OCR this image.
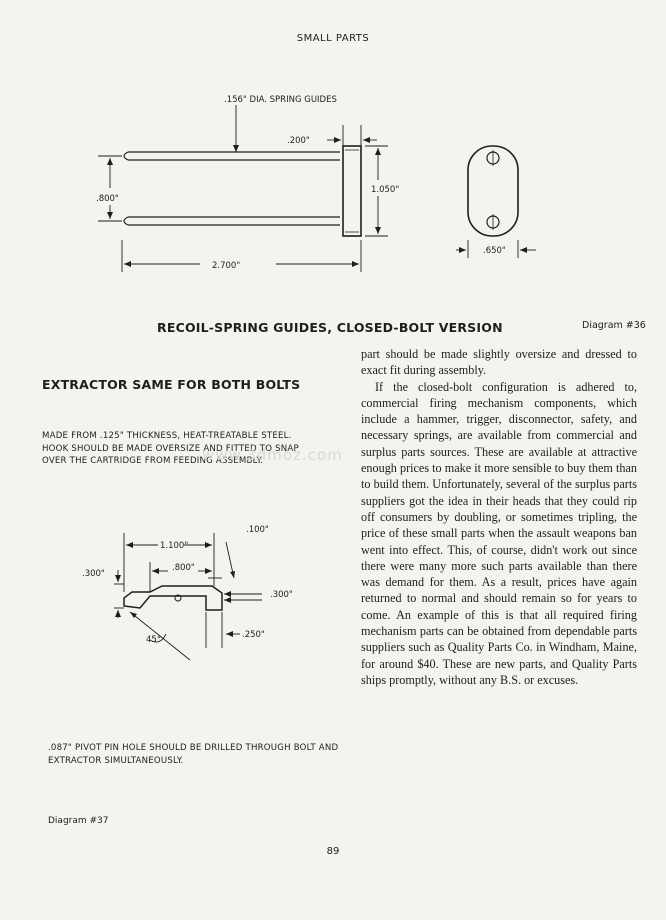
SMALL PARTS
.156" DIA. SPRING GUIDES
.200"
.800"
1.050"
2.700"
.650"
1.100"
.800"
.100"
.300"
.300"
.250"
45°
RECOIL-SPRING GUIDES, CLOSED-BOLT VERSION	Diagram #36
EXTRACTOR SAME FOR BOTH BOLTS
MADE FROM .125" THICKNESS, HEAT-TREATABLE STEEL. HOOK SHOULD BE MADE OVERSIZE AND FITTED TO SNAP OVER THE CARTRIDGE FROM FEEDING ASSEMBLY.
www.3dmoz.com

part should be made slightly oversize and dressed to exact fit during assembly.

If the closed-bolt configuration is adhered to, commercial firing mechanism components, which include a hammer, trigger, disconnector, safety, and necessary springs, are available from commercial and surplus parts sources. These are available at attractive enough prices to make it more sensible to buy them than to build them. Unfortunately, several of the surplus parts suppliers got the idea in their heads that they could rip off consumers by doubling, or sometimes tripling, the price of these small parts when the assault weapons ban went into effect. This, of course, didn't work out since there were many more such parts available than there was demand for them. As a result, prices have again returned to normal and should remain so for years to come. An example of this is that all required firing mechanism parts can be obtained from dependable parts suppliers such as Quality Parts Co. in Windham, Maine, for around $40. These are new parts, and Quality Parts ships promptly, without any B.S. or excuses.

.087" PIVOT PIN HOLE SHOULD BE DRILLED THROUGH BOLT AND EXTRACTOR SIMULTANEOUSLY.
Diagram #37
89
